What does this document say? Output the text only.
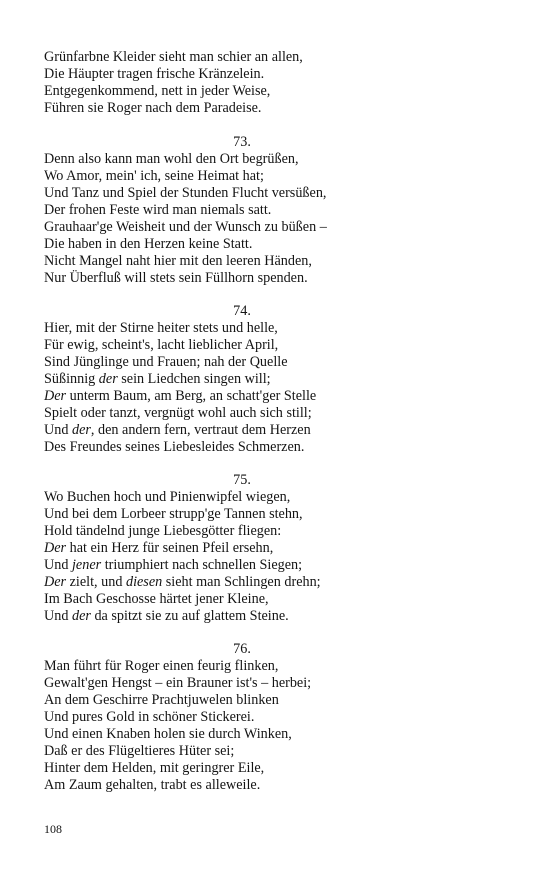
Grünfarbne Kleider sieht man schier an allen,
Die Häupter tragen frische Kränzelein.
Entgegenkommend, nett in jeder Weise,
Führen sie Roger nach dem Paradeise.
73.
Denn also kann man wohl den Ort begrüßen,
Wo Amor, mein' ich, seine Heimat hat;
Und Tanz und Spiel der Stunden Flucht versüßen,
Der frohen Feste wird man niemals satt.
Grauhaar'ge Weisheit und der Wunsch zu büßen –
Die haben in den Herzen keine Statt.
Nicht Mangel naht hier mit den leeren Händen,
Nur Überfluß will stets sein Füllhorn spenden.
74.
Hier, mit der Stirne heiter stets und helle,
Für ewig, scheint's, lacht lieblicher April,
Sind Jünglinge und Frauen; nah der Quelle
Süßinnig der sein Liedchen singen will;
Der unterm Baum, am Berg, an schatt'ger Stelle
Spielt oder tanzt, vergnügt wohl auch sich still;
Und der, den andern fern, vertraut dem Herzen
Des Freundes seines Liebesleides Schmerzen.
75.
Wo Buchen hoch und Pinienwipfel wiegen,
Und bei dem Lorbeer strupp'ge Tannen stehn,
Hold tändelnd junge Liebesgötter fliegen:
Der hat ein Herz für seinen Pfeil ersehn,
Und jener triumphiert nach schnellen Siegen;
Der zielt, und diesen sieht man Schlingen drehn;
Im Bach Geschosse härtet jener Kleine,
Und der da spitzt sie zu auf glattem Steine.
76.
Man führt für Roger einen feurig flinken,
Gewalt'gen Hengst – ein Brauner ist's – herbei;
An dem Geschirre Prachtjuwelen blinken
Und pures Gold in schöner Stickerei.
Und einen Knaben holen sie durch Winken,
Daß er des Flügeltieres Hüter sei;
Hinter dem Helden, mit geringrer Eile,
Am Zaum gehalten, trabt es alleweile.
108
